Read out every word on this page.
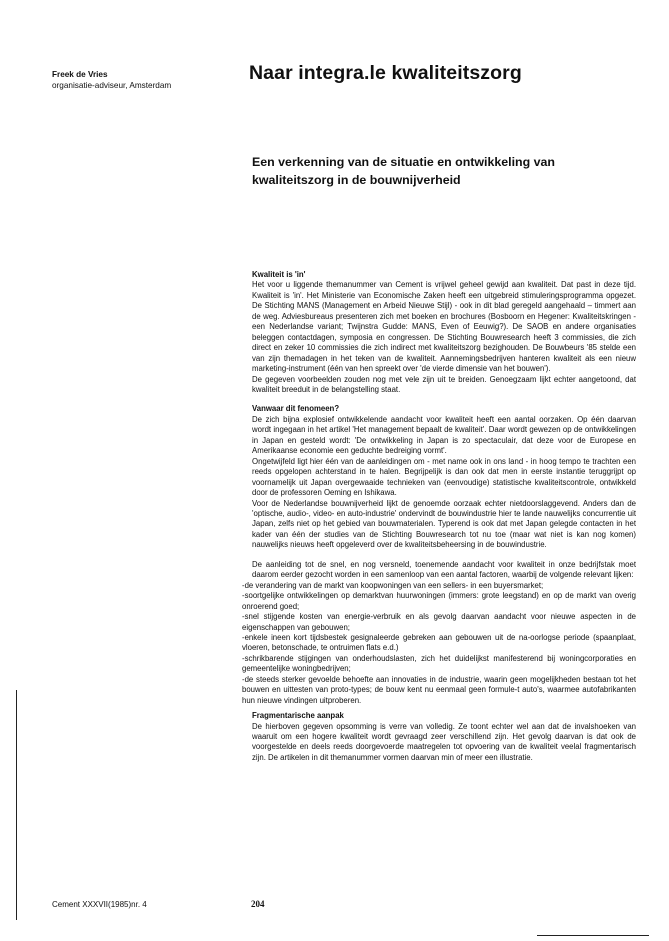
Freek de Vries
organisatie-adviseur, Amsterdam
Naar integra.le kwaliteitszorg
Een verkenning van de situatie en ontwikkeling van kwaliteitszorg in de bouwnijverheid

Kwaliteit is 'in'

Het voor u liggende themanummer van Cement is vrijwel geheel gewijd aan kwaliteit. Dat past in deze tijd. Kwaliteit is 'in'. Het Ministerie van Economische Zaken heeft een uitgebreid stimuleringsprogramma opgezet. De Stichting MANS (Management en Arbeid Nieuwe Stijl) - ook in dit blad geregeld aangehaald – timmert aan de weg. Adviesbureaus presenteren zich met boeken en brochures (Bosboorn en Hegener: Kwaliteitskringen - een Nederlandse variant; Twijnstra Gudde: MANS, Even of Eeuwig?). De SAOB en andere organisaties beleggen contactdagen, symposia en congressen. De Stichting Bouwresearch heeft 3 commissies, die zich direct en zeker 10 commissies die zich indirect met kwaliteitszorg bezighouden. De Bouwbeurs '85 stelde een van zijn themadagen in het teken van de kwaliteit. Aannemingsbedrijven hanteren kwaliteit als een nieuw marketing-instrument (één van hen spreekt over 'de vierde dimensie van het bouwen').

De gegeven voorbeelden zouden nog met vele zijn uit te breiden. Genoegzaam lijkt echter aangetoond, dat kwaliteit breeduit in de belangstelling staat.

Vanwaar dit fenomeen?

De zich bijna explosief ontwikkelende aandacht voor kwaliteit heeft een aantal oorzaken. Op één daarvan wordt ingegaan in het artikel 'Het management bepaalt de kwaliteit'. Daar wordt gewezen op de ontwikkelingen in Japan en gesteld wordt: 'De ontwikkeling in Japan is zo spectaculair, dat deze voor de Europese en Amerikaanse economie een geduchte bedreiging vormt'.

Ongetwijfeld ligt hier één van de aanleidingen om - met name ook in ons land - in hoog tempo te trachten een reeds opgelopen achterstand in te halen. Begrijpelijk is dan ook dat men in eerste instantie teruggrijpt op voornamelijk uit Japan overgewaaide technieken van (eenvoudige) statistische kwaliteitscontrole, ontwikkeld door de professoren Oeming en Ishikawa.

Voor de Nederlandse bouwnijverheid lijkt de genoemde oorzaak echter nietdoorslaggevend. Anders dan de 'optische, audio-, video- en auto-industrie' ondervindt de bouwindustrie hier te lande nauwelijks concurrentie uit Japan, zelfs niet op het gebied van bouwmaterialen. Typerend is ook dat met Japan gelegde contacten in het kader van één der studies van de Stichting Bouwresearch tot nu toe (maar wat niet is kan nog komen) nauwelijks nieuws heeft opgeleverd over de kwaliteitsbeheersing in de bouwindustrie.

De aanleiding tot de snel, en nog versneld, toenemende aandacht voor kwaliteit in onze bedrijfstak moet daarom eerder gezocht worden in een samenloop van een aantal factoren, waarbij de volgende relevant lijken:

-de verandering van de markt van koopwoningen van een sellers- in een buyersmarket;
-soortgelijke ontwikkelingen op demarktvan huurwoningen (immers: grote leegstand) en op de markt van overig onroerend goed;
-snel stijgende kosten van energie-verbruik en als gevolg daarvan aandacht voor nieuwe aspecten in de eigenschappen van gebouwen;
-enkele ineen kort tijdsbestek gesignaleerde gebreken aan gebouwen uit de na-oorlogse periode (spaanplaat, vloeren, betonschade, te ontruimen flats e.d.)
-schrikbarende stijgingen van onderhoudslasten, zich het duidelijkst manifesterend bij woningcorporaties en gemeentelijke woningbedrijven;
-de steeds sterker gevoelde behoefte aan innovaties in de industrie, waarin geen mogelijkheden bestaan tot het bouwen en uittesten van proto-types; de bouw kent nu eenmaal geen formule-t auto's, waarmee autofabrikanten hun nieuwe vindingen uitproberen.

Fragmentarische aanpak

De hierboven gegeven opsomming is verre van volledig. Ze toont echter wel aan dat de invalshoeken van waaruit om een hogere kwaliteit wordt gevraagd zeer verschillend zijn. Het gevolg daarvan is dat ook de voorgestelde en deels reeds doorgevoerde maatregelen tot opvoering van de kwaliteit veelal fragmentarisch zijn. De artikelen in dit themanummer vormen daarvan min of meer een illustratie.

Cement XXXVII(1985)nr. 4	204
